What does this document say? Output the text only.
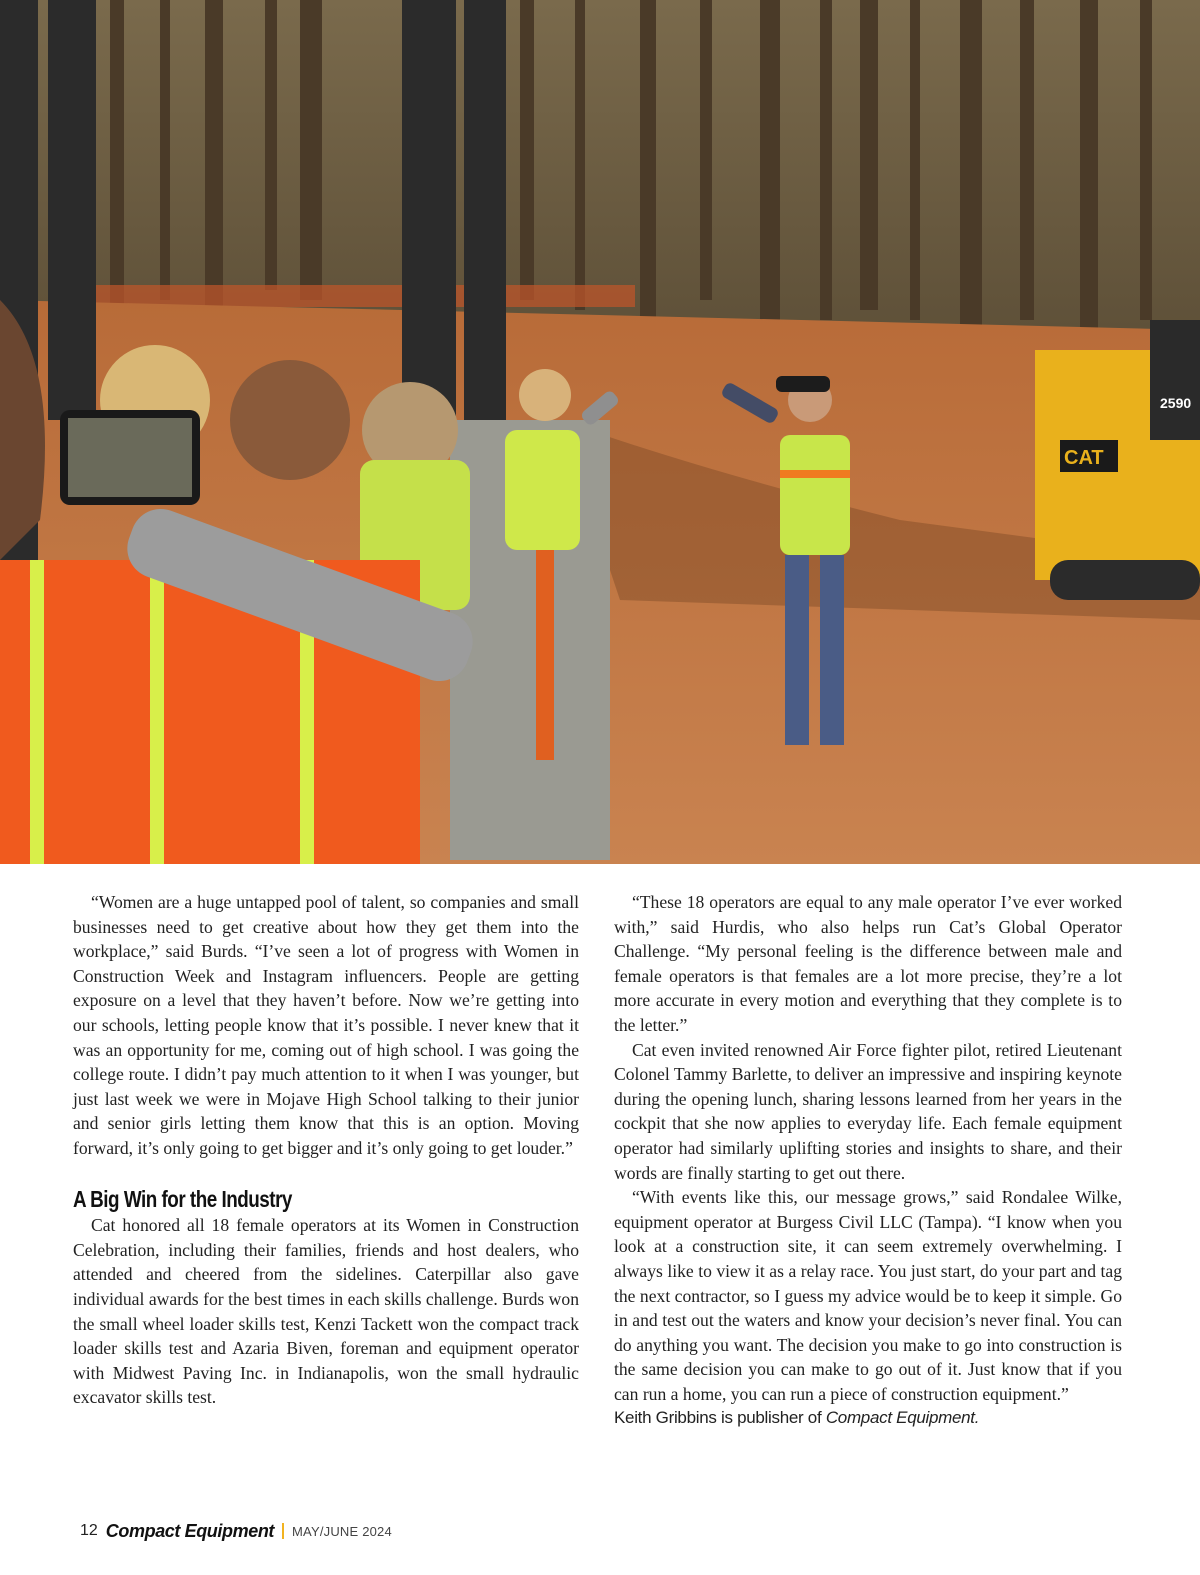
CAT
2590

“Women are a huge untapped pool of talent, so companies and small businesses need to get creative about how they get them into the workplace,” said Burds. “I’ve seen a lot of progress with Women in Construction Week and Instagram influencers. People are getting exposure on a level that they haven’t before. Now we’re getting into our schools, letting people know that it’s possible. I never knew that it was an opportunity for me, coming out of high school. I was going the college route. I didn’t pay much attention to it when I was younger, but just last week we were in Mojave High School talking to their junior and senior girls letting them know that this is an option. Moving forward, it’s only going to get bigger and it’s only going to get louder.”

A Big Win for the Industry

Cat honored all 18 female operators at its Women in Construction Celebration, including their families, friends and host dealers, who attended and cheered from the sidelines. Caterpillar also gave individual awards for the best times in each skills challenge. Burds won the small wheel loader skills test, Kenzi Tackett won the compact track loader skills test and Azaria Biven, foreman and equipment operator with Midwest Paving Inc. in Indianapolis, won the small hydraulic excavator skills test.

“These 18 operators are equal to any male operator I’ve ever worked with,” said Hurdis, who also helps run Cat’s Global Operator Challenge. “My personal feeling is the difference between male and female operators is that females are a lot more precise, they’re a lot more accurate in every motion and everything that they complete is to the letter.”

Cat even invited renowned Air Force fighter pilot, retired Lieutenant Colonel Tammy Barlette, to deliver an impressive and inspiring keynote during the opening lunch, sharing lessons learned from her years in the cockpit that she now applies to everyday life. Each female equipment operator had similarly uplifting stories and insights to share, and their words are finally starting to get out there.

“With events like this, our message grows,” said Rondalee Wilke, equipment operator at Burgess Civil LLC (Tampa). “I know when you look at a construction site, it can seem extremely overwhelming. I always like to view it as a relay race. You just start, do your part and tag the next contractor, so I guess my advice would be to keep it simple. Go in and test out the waters and know your decision’s never final. You can do anything you want. The decision you make to go into construction is the same decision you can make to go out of it. Just know that if you can run a home, you can run a piece of construction equipment.”

Keith Gribbins is publisher of Compact Equipment.

12 Compact Equipment MAY/JUNE 2024
